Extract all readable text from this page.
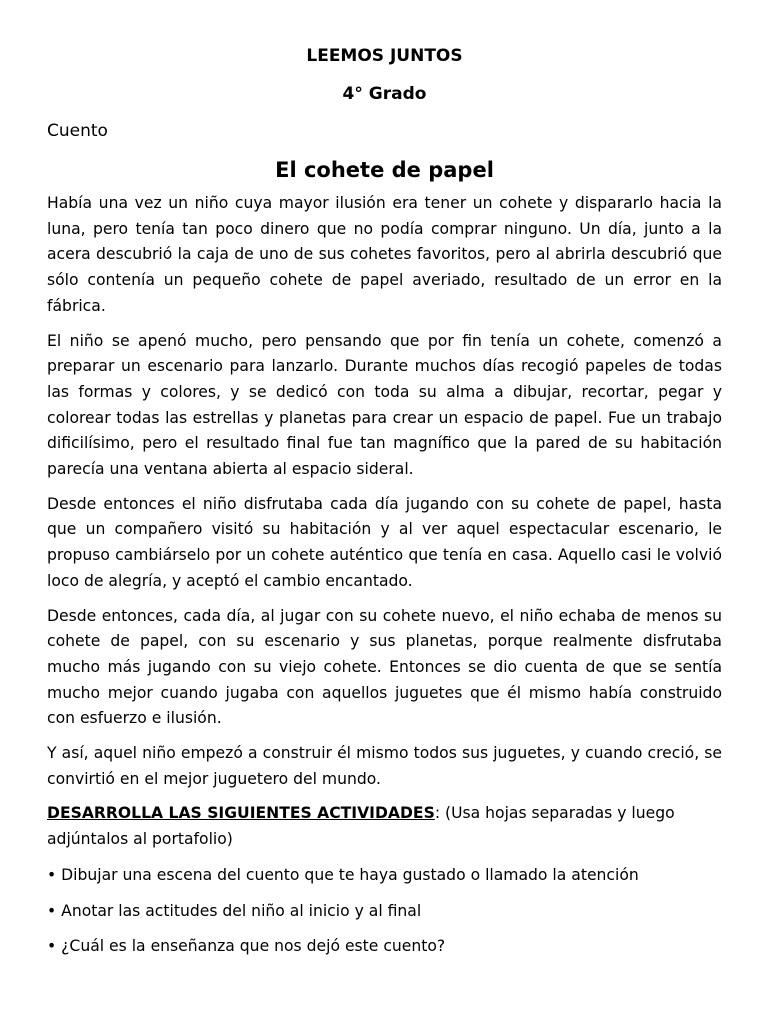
LEEMOS JUNTOS

4° Grado

Cuento

El cohete de papel

Había una vez un niño cuya mayor ilusión era tener un cohete y dispararlo hacia la luna, pero tenía tan poco dinero que no podía comprar ninguno. Un día, junto a la acera descubrió la caja de uno de sus cohetes favoritos, pero al abrirla descubrió que sólo contenía un pequeño cohete de papel averiado, resultado de un error en la fábrica.

El niño se apenó mucho, pero pensando que por fin tenía un cohete, comenzó a preparar un escenario para lanzarlo. Durante muchos días recogió papeles de todas las formas y colores, y se dedicó con toda su alma a dibujar, recortar, pegar y colorear todas las estrellas y planetas para crear un espacio de papel. Fue un trabajo dificilísimo, pero el resultado final fue tan magnífico que la pared de su habitación parecía una ventana abierta al espacio sideral.

Desde entonces el niño disfrutaba cada día jugando con su cohete de papel, hasta que un compañero visitó su habitación y al ver aquel espectacular escenario, le propuso cambiárselo por un cohete auténtico que tenía en casa. Aquello casi le volvió loco de alegría, y aceptó el cambio encantado.

Desde entonces, cada día, al jugar con su cohete nuevo, el niño echaba de menos su cohete de papel, con su escenario y sus planetas, porque realmente disfrutaba mucho más jugando con su viejo cohete. Entonces se dio cuenta de que se sentía mucho mejor cuando jugaba con aquellos juguetes que él mismo había construido con esfuerzo e ilusión.

Y así, aquel niño empezó a construir él mismo todos sus juguetes, y cuando creció, se convirtió en el mejor juguetero del mundo.

DESARROLLA LAS SIGUIENTES ACTIVIDADES: (Usa hojas separadas y luego adjúntalos al portafolio)

• Dibujar una escena del cuento que te haya gustado o llamado la atención

• Anotar las actitudes del niño al inicio y al final

• ¿Cuál es la enseñanza que nos dejó este cuento?
